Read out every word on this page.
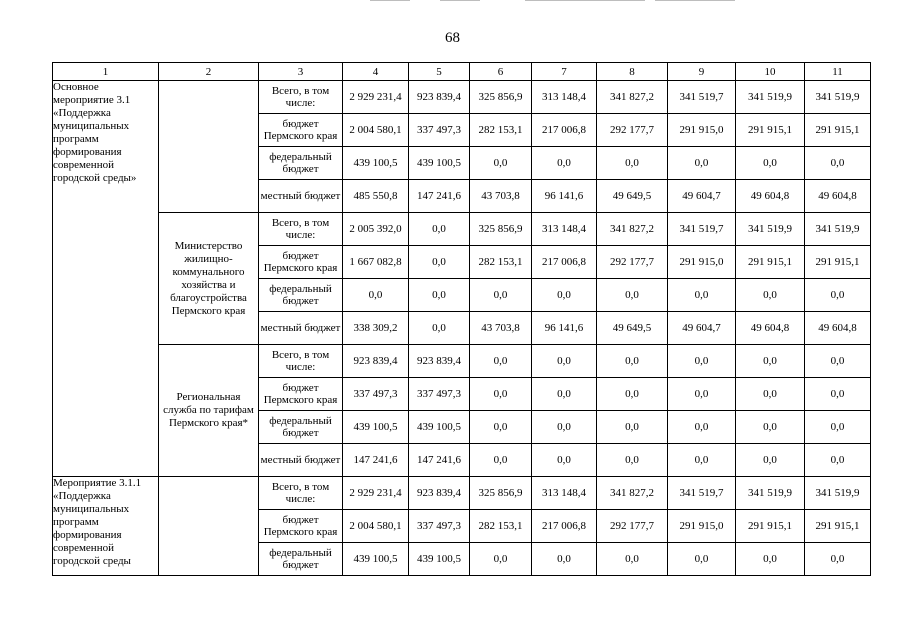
68
1	2	3	4	5	6	7	8	9	10	11
Основное мероприятие 3.1 «Поддержка муниципальных программ формирования современной городской среды»		Всего, в том числе:	2 929 231,4	923 839,4	325 856,9	313 148,4	341 827,2	341 519,7	341 519,9	341 519,9
		бюджет Пермского края	2 004 580,1	337 497,3	282 153,1	217 006,8	292 177,7	291 915,0	291 915,1	291 915,1
		федеральный бюджет	439 100,5	439 100,5	0,0	0,0	0,0	0,0	0,0	0,0
		местный бюджет	485 550,8	147 241,6	43 703,8	96 141,6	49 649,5	49 604,7	49 604,8	49 604,8
	Министерство жилищно-коммунального хозяйства и благоустройства Пермского края	Всего, в том числе:	2 005 392,0	0,0	325 856,9	313 148,4	341 827,2	341 519,7	341 519,9	341 519,9
		бюджет Пермского края	1 667 082,8	0,0	282 153,1	217 006,8	292 177,7	291 915,0	291 915,1	291 915,1
		федеральный бюджет	0,0	0,0	0,0	0,0	0,0	0,0	0,0	0,0
		местный бюджет	338 309,2	0,0	43 703,8	96 141,6	49 649,5	49 604,7	49 604,8	49 604,8
	Региональная служба по тарифам Пермского края*	Всего, в том числе:	923 839,4	923 839,4	0,0	0,0	0,0	0,0	0,0	0,0
		бюджет Пермского края	337 497,3	337 497,3	0,0	0,0	0,0	0,0	0,0	0,0
		федеральный бюджет	439 100,5	439 100,5	0,0	0,0	0,0	0,0	0,0	0,0
		местный бюджет	147 241,6	147 241,6	0,0	0,0	0,0	0,0	0,0	0,0
Мероприятие 3.1.1 «Поддержка муниципальных программ формирования современной городской среды		Всего, в том числе:	2 929 231,4	923 839,4	325 856,9	313 148,4	341 827,2	341 519,7	341 519,9	341 519,9
		бюджет Пермского края	2 004 580,1	337 497,3	282 153,1	217 006,8	292 177,7	291 915,0	291 915,1	291 915,1
		федеральный бюджет	439 100,5	439 100,5	0,0	0,0	0,0	0,0	0,0	0,0
